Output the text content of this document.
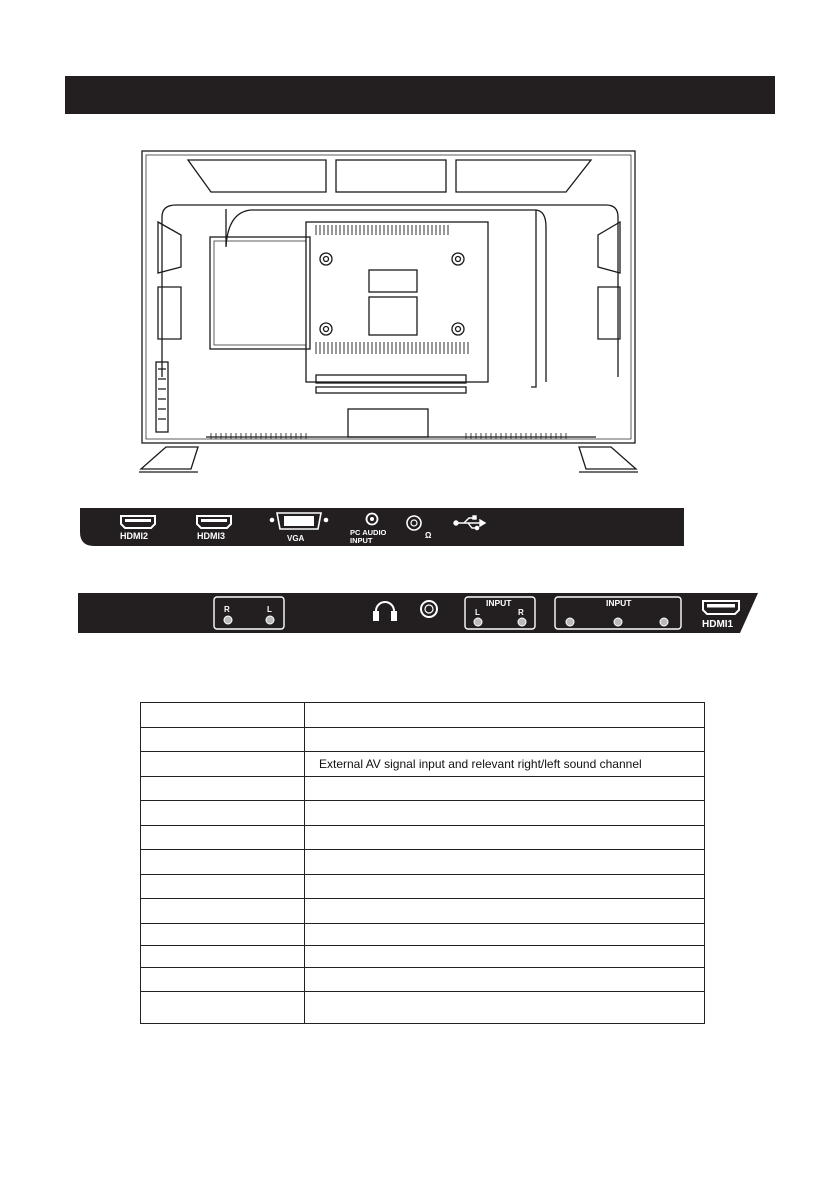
HDMI2	HDMI3	VGA
PC AUDIO
INPUT
Ω
R	L
INPUT
L	R
INPUT
HDMI1

	External AV signal input and relevant right/left sound channel
